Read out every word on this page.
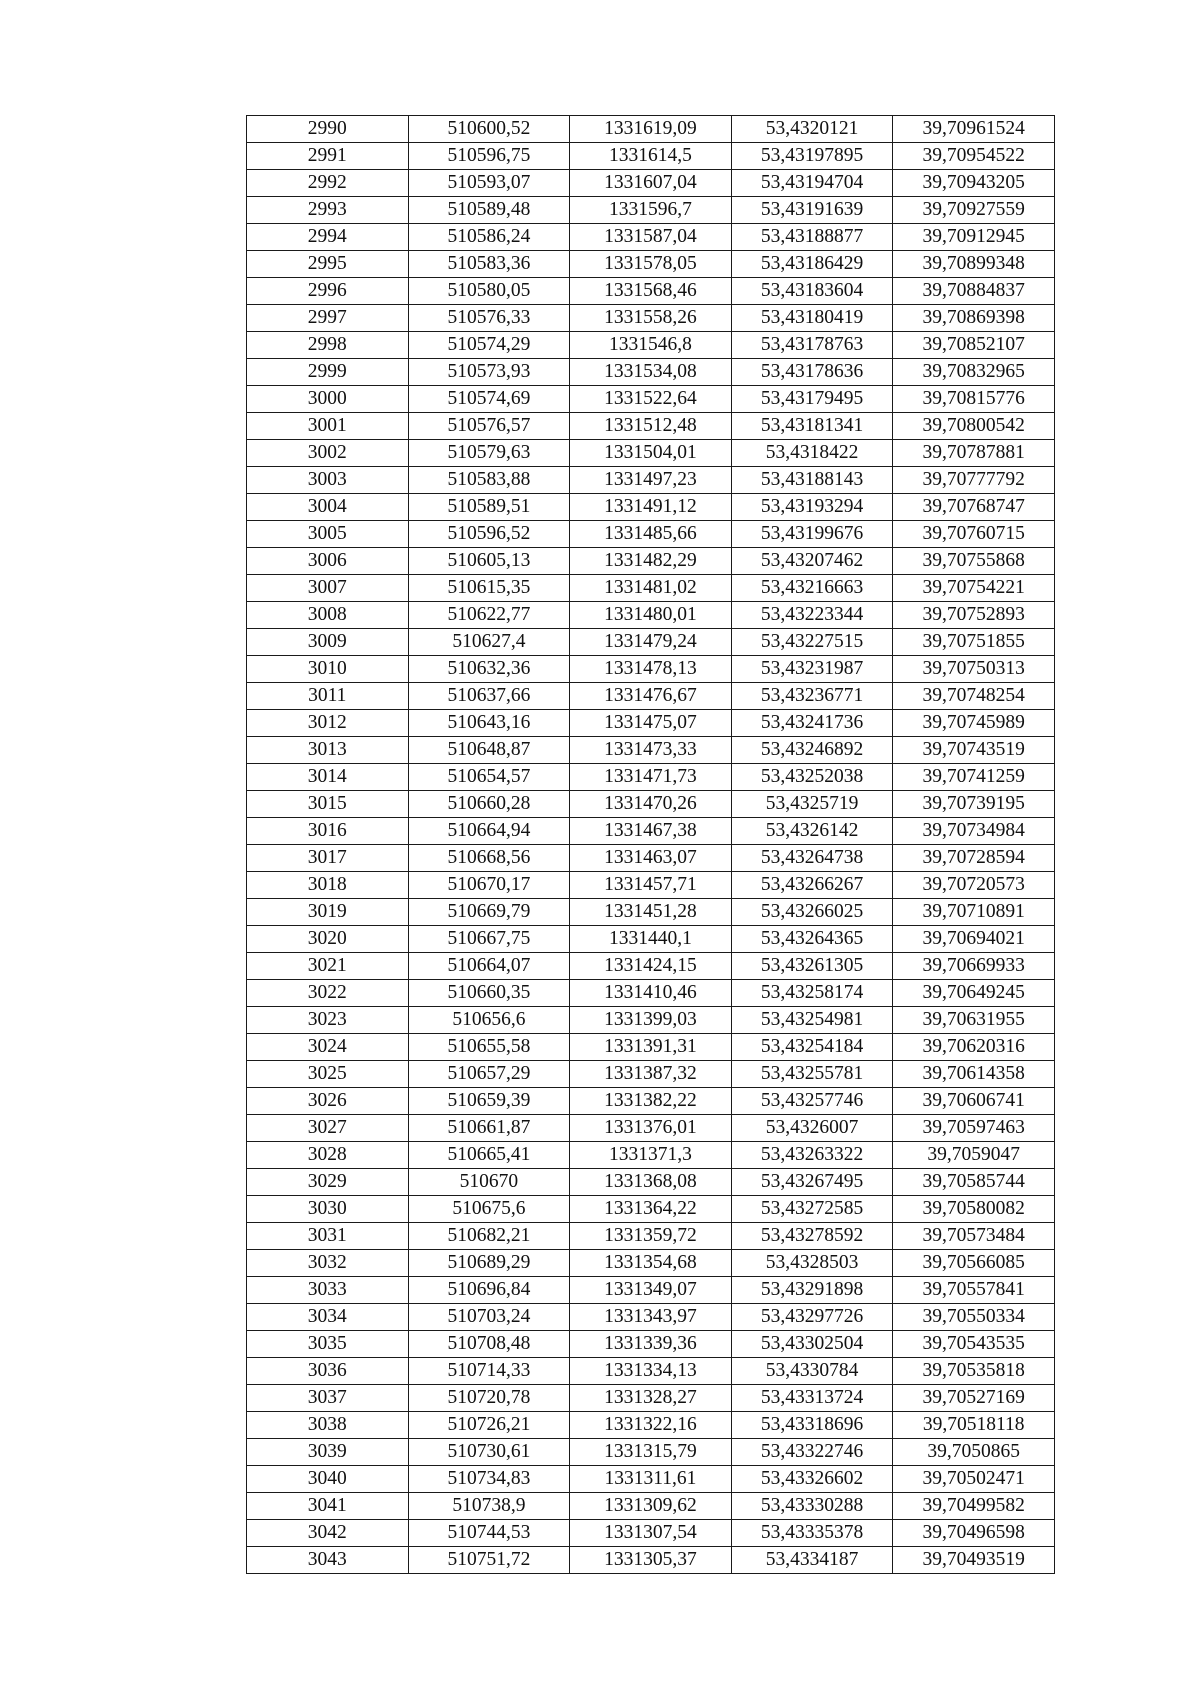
2990	510600,52	1331619,09	53,4320121	39,70961524
2991	510596,75	1331614,5	53,43197895	39,70954522
2992	510593,07	1331607,04	53,43194704	39,70943205
2993	510589,48	1331596,7	53,43191639	39,70927559
2994	510586,24	1331587,04	53,43188877	39,70912945
2995	510583,36	1331578,05	53,43186429	39,70899348
2996	510580,05	1331568,46	53,43183604	39,70884837
2997	510576,33	1331558,26	53,43180419	39,70869398
2998	510574,29	1331546,8	53,43178763	39,70852107
2999	510573,93	1331534,08	53,43178636	39,70832965
3000	510574,69	1331522,64	53,43179495	39,70815776
3001	510576,57	1331512,48	53,43181341	39,70800542
3002	510579,63	1331504,01	53,4318422	39,70787881
3003	510583,88	1331497,23	53,43188143	39,70777792
3004	510589,51	1331491,12	53,43193294	39,70768747
3005	510596,52	1331485,66	53,43199676	39,70760715
3006	510605,13	1331482,29	53,43207462	39,70755868
3007	510615,35	1331481,02	53,43216663	39,70754221
3008	510622,77	1331480,01	53,43223344	39,70752893
3009	510627,4	1331479,24	53,43227515	39,70751855
3010	510632,36	1331478,13	53,43231987	39,70750313
3011	510637,66	1331476,67	53,43236771	39,70748254
3012	510643,16	1331475,07	53,43241736	39,70745989
3013	510648,87	1331473,33	53,43246892	39,70743519
3014	510654,57	1331471,73	53,43252038	39,70741259
3015	510660,28	1331470,26	53,4325719	39,70739195
3016	510664,94	1331467,38	53,4326142	39,70734984
3017	510668,56	1331463,07	53,43264738	39,70728594
3018	510670,17	1331457,71	53,43266267	39,70720573
3019	510669,79	1331451,28	53,43266025	39,70710891
3020	510667,75	1331440,1	53,43264365	39,70694021
3021	510664,07	1331424,15	53,43261305	39,70669933
3022	510660,35	1331410,46	53,43258174	39,70649245
3023	510656,6	1331399,03	53,43254981	39,70631955
3024	510655,58	1331391,31	53,43254184	39,70620316
3025	510657,29	1331387,32	53,43255781	39,70614358
3026	510659,39	1331382,22	53,43257746	39,70606741
3027	510661,87	1331376,01	53,4326007	39,70597463
3028	510665,41	1331371,3	53,43263322	39,7059047
3029	510670	1331368,08	53,43267495	39,70585744
3030	510675,6	1331364,22	53,43272585	39,70580082
3031	510682,21	1331359,72	53,43278592	39,70573484
3032	510689,29	1331354,68	53,4328503	39,70566085
3033	510696,84	1331349,07	53,43291898	39,70557841
3034	510703,24	1331343,97	53,43297726	39,70550334
3035	510708,48	1331339,36	53,43302504	39,70543535
3036	510714,33	1331334,13	53,4330784	39,70535818
3037	510720,78	1331328,27	53,43313724	39,70527169
3038	510726,21	1331322,16	53,43318696	39,70518118
3039	510730,61	1331315,79	53,43322746	39,7050865
3040	510734,83	1331311,61	53,43326602	39,70502471
3041	510738,9	1331309,62	53,43330288	39,70499582
3042	510744,53	1331307,54	53,43335378	39,70496598
3043	510751,72	1331305,37	53,4334187	39,70493519
